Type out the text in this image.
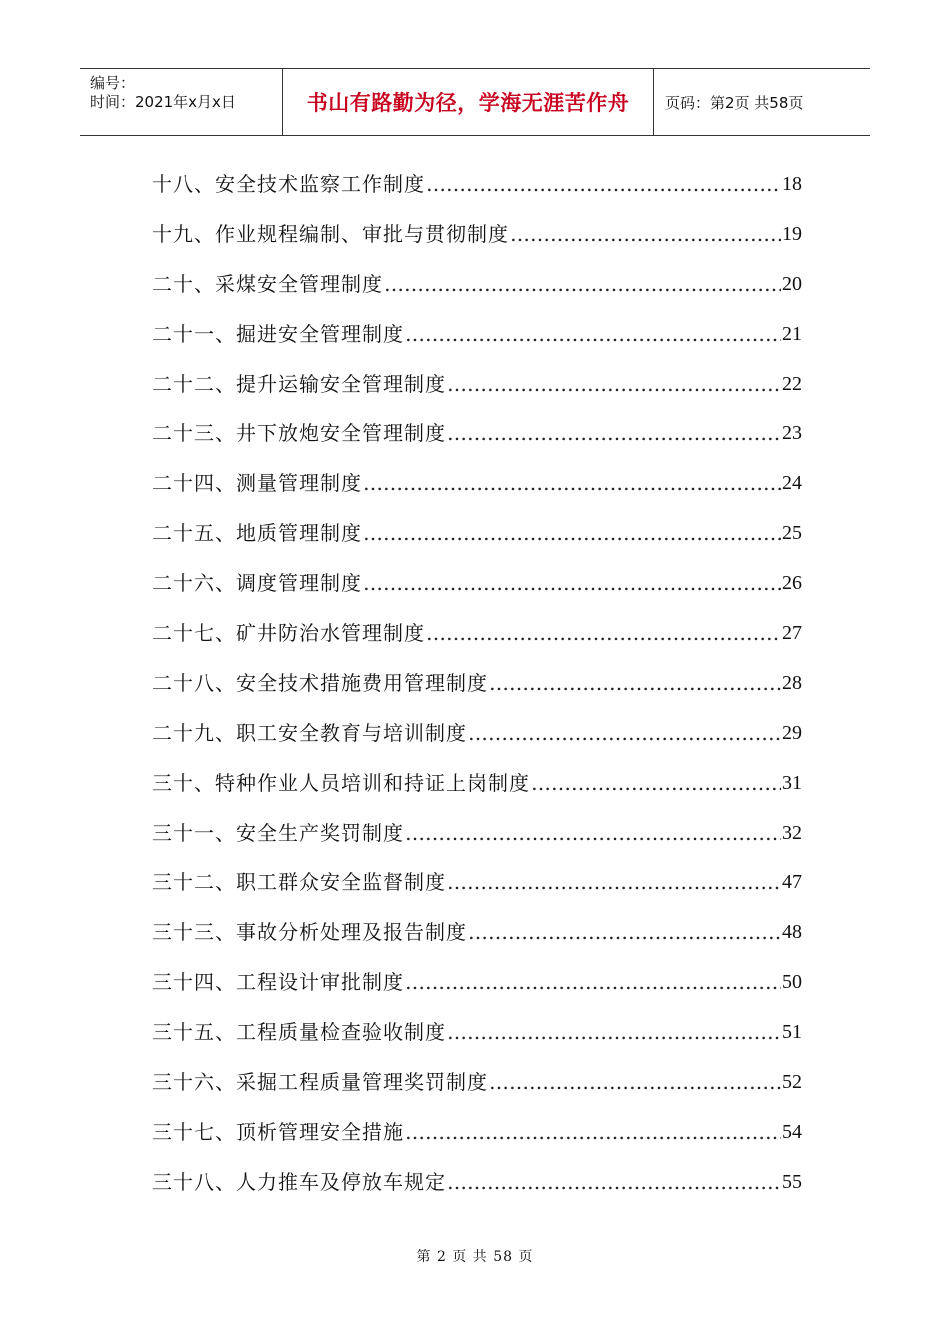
编号：
时间：2021年x月x日	书山有路勤为径，学海无涯苦作舟	页码：第2页 共58页
十八、安全技术监察工作制度 ……………………………………………………………………………………………………………………………………………………………………	18
十九、作业规程编制、审批与贯彻制度 ……………………………………………………………………………………………………………………………………………………………………	19
二十、采煤安全管理制度 ……………………………………………………………………………………………………………………………………………………………………	20
二十一、掘进安全管理制度 ……………………………………………………………………………………………………………………………………………………………………	21
二十二、提升运输安全管理制度 ……………………………………………………………………………………………………………………………………………………………………	22
二十三、井下放炮安全管理制度 ……………………………………………………………………………………………………………………………………………………………………	23
二十四、测量管理制度 ……………………………………………………………………………………………………………………………………………………………………	24
二十五、地质管理制度 ……………………………………………………………………………………………………………………………………………………………………	25
二十六、调度管理制度 ……………………………………………………………………………………………………………………………………………………………………	26
二十七、矿井防治水管理制度 ……………………………………………………………………………………………………………………………………………………………………	27
二十八、安全技术措施费用管理制度 ……………………………………………………………………………………………………………………………………………………………………	28
二十九、职工安全教育与培训制度 ……………………………………………………………………………………………………………………………………………………………………	29
三十、特种作业人员培训和持证上岗制度 ……………………………………………………………………………………………………………………………………………………………………	31
三十一、安全生产奖罚制度 ……………………………………………………………………………………………………………………………………………………………………	32
三十二、职工群众安全监督制度 ……………………………………………………………………………………………………………………………………………………………………	47
三十三、事故分析处理及报告制度 ……………………………………………………………………………………………………………………………………………………………………	48
三十四、工程设计审批制度 ……………………………………………………………………………………………………………………………………………………………………	50
三十五、工程质量检查验收制度 ……………………………………………………………………………………………………………………………………………………………………	51
三十六、采掘工程质量管理奖罚制度 ……………………………………………………………………………………………………………………………………………………………………	52
三十七、顶析管理安全措施 ……………………………………………………………………………………………………………………………………………………………………	54
三十八、人力推车及停放车规定 ……………………………………………………………………………………………………………………………………………………………………	55
第 2 页 共 58 页
